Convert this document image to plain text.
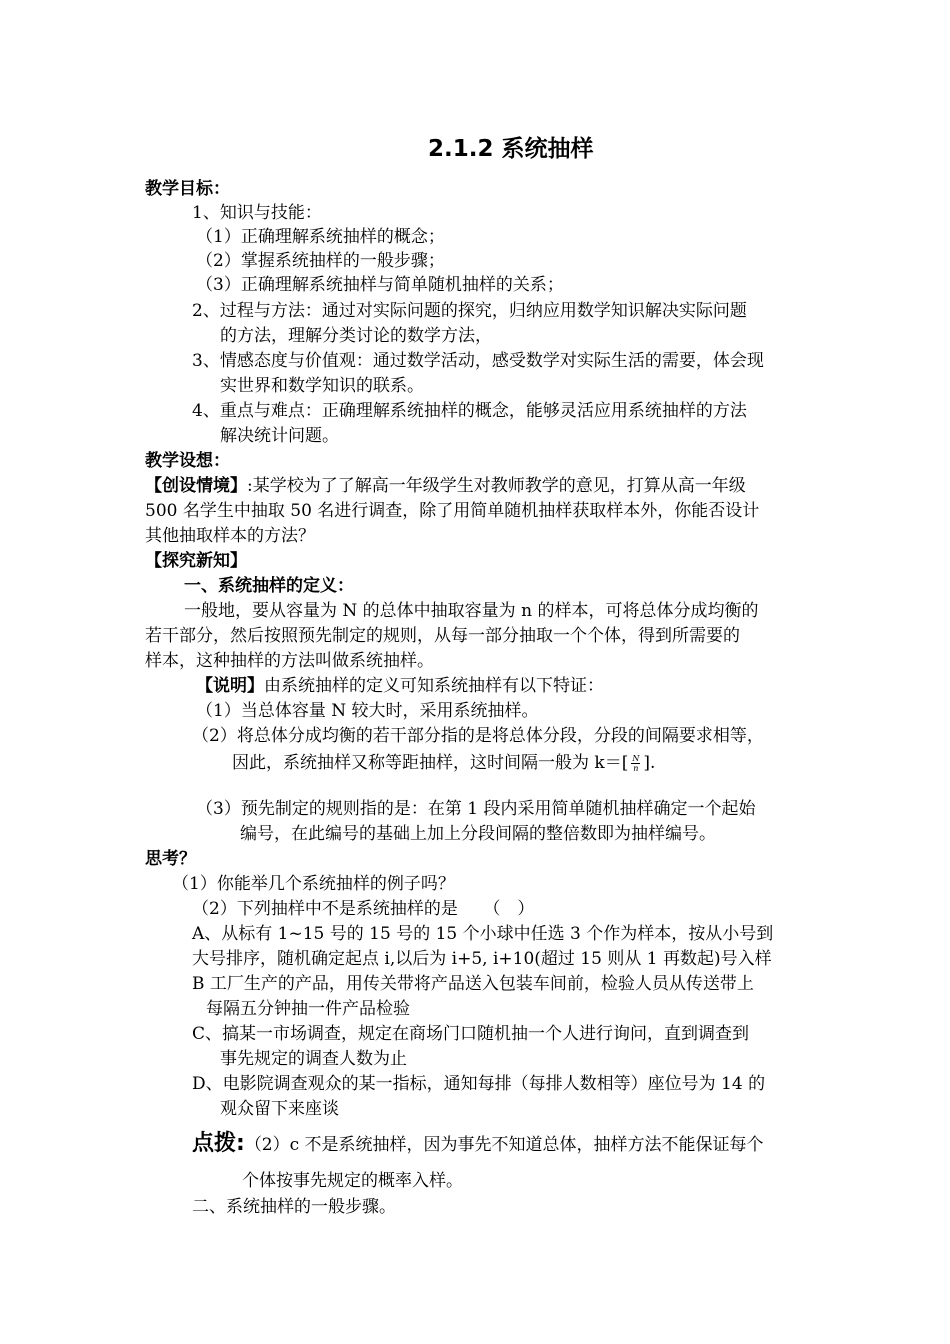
2.1.2 系统抽样
教学目标：
1、知识与技能：
（1）正确理解系统抽样的概念；
（2）掌握系统抽样的一般步骤；
（3）正确理解系统抽样与简单随机抽样的关系；
2、过程与方法：通过对实际问题的探究，归纳应用数学知识解决实际问题
的方法，理解分类讨论的数学方法，
3、情感态度与价值观：通过数学活动，感受数学对实际生活的需要，体会现
实世界和数学知识的联系。
4、重点与难点：正确理解系统抽样的概念，能够灵活应用系统抽样的方法
解决统计问题。
教学设想：
【创设情境】:某学校为了了解高一年级学生对教师教学的意见，打算从高一年级
500 名学生中抽取 50 名进行调查，除了用简单随机抽样获取样本外，你能否设计
其他抽取样本的方法？
【探究新知】
一、系统抽样的定义：
一般地，要从容量为 N 的总体中抽取容量为 n 的样本，可将总体分成均衡的
若干部分，然后按照预先制定的规则，从每一部分抽取一个个体，得到所需要的
样本，这种抽样的方法叫做系统抽样。
【说明】由系统抽样的定义可知系统抽样有以下特证：
（1）当总体容量 N 较大时，采用系统抽样。
（2）将总体分成均衡的若干部分指的是将总体分段，分段的间隔要求相等，
因此，系统抽样又称等距抽样，这时间隔一般为 $k=[ \frac{N}{n}$ ].
（3）预先制定的规则指的是：在第 1 段内采用简单随机抽样确定一个起始
编号，在此编号的基础上加上分段间隔的整倍数即为抽样编号。
思考？
（1）你能举几个系统抽样的例子吗？
（2）下列抽样中不是系统抽样的是　　（　）
A、从标有 1~15 号的 15 号的 15 个小球中任选 3 个作为样本，按从小号到
大号排序，随机确定起点 i,以后为 i+5, i+10(超过 15 则从 1 再数起)号入样
B 工厂生产的产品，用传关带将产品送入包装车间前，检验人员从传送带上
每隔五分钟抽一件产品检验
C、搞某一市场调查，规定在商场门口随机抽一个人进行询问，直到调查到
事先规定的调查人数为止
D、电影院调查观众的某一指标，通知每排（每排人数相等）座位号为 14 的
观众留下来座谈
点拨:（2）c 不是系统抽样，因为事先不知道总体，抽样方法不能保证每个
个体按事先规定的概率入样。
二、系统抽样的一般步骤。
